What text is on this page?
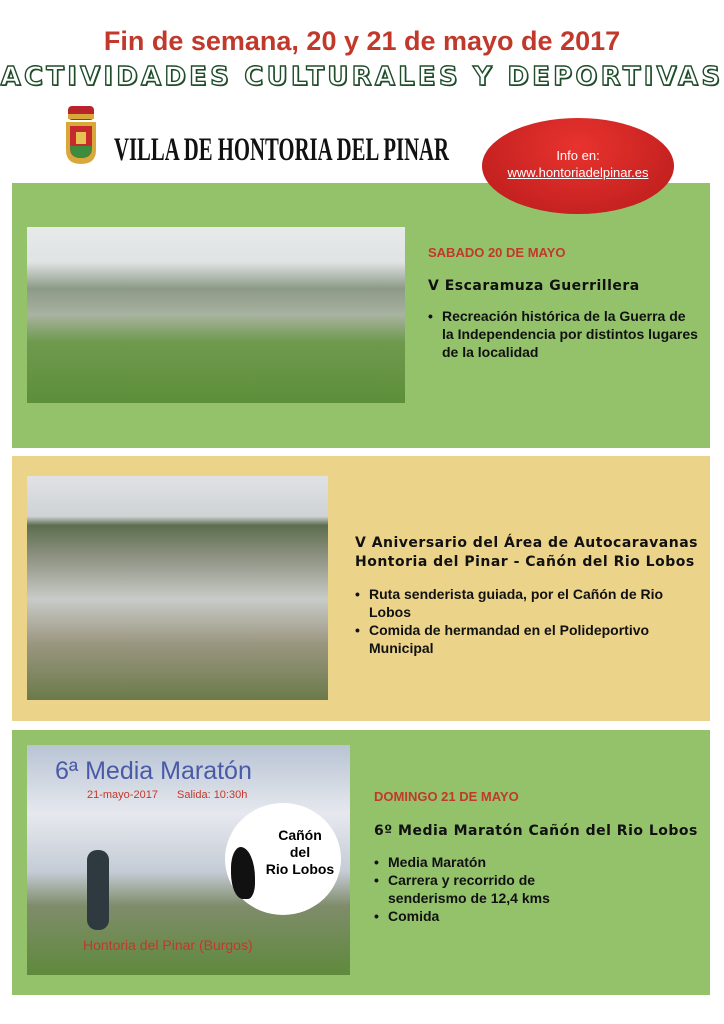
Fin de semana, 20 y 21 de mayo de 2017
ACTIVIDADES CULTURALES Y DEPORTIVAS
VILLA DE HONTORIA DEL PINAR	Info en:
www.hontoriadelpinar.es
SABADO 20 DE MAYO
V Escaramuza Guerrillera
• Recreación histórica de la Guerra de la Independencia por distintos lugares de la localidad
V Aniversario del Área de Autocaravanas
Hontoria del Pinar - Cañón del Rio Lobos
• Ruta senderista guiada, por el Cañón de Rio Lobos
• Comida de hermandad en el Polideportivo Municipal
6ª Media Maratón
21-mayo-2017 Salida: 10:30h
Cañón
del
Rio Lobos
Hontoria del Pinar (Burgos)
DOMINGO 21 DE MAYO
6º Media Maratón Cañón del Rio Lobos
• Media Maratón
• Carrera y recorrido de senderismo de 12,4 kms
• Comida
